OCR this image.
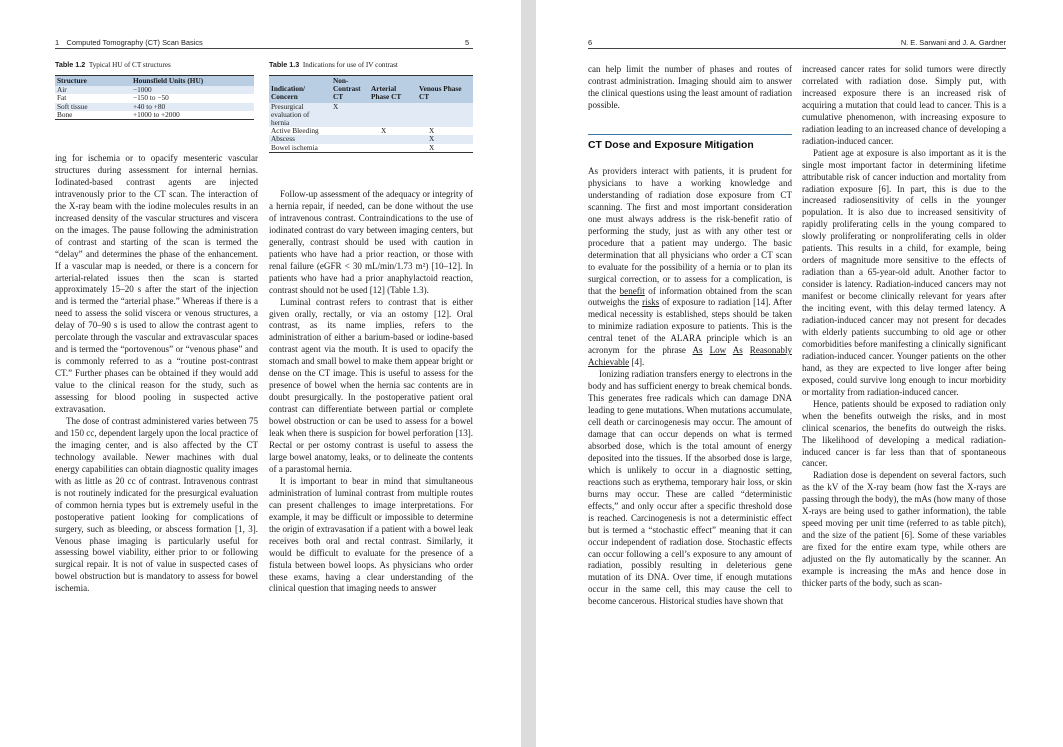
1 Computed Tomography (CT) Scan Basics	5
Table 1.2 Typical HU of CT structures
Structure	Hounsfield Units (HU)
Air	−1000
Fat	−150 to −50
Soft tissue	+40 to +80
Bone	+1000 to +2000
Table 1.3 Indications for use of IV contrast
Indication/ Concern	Non-Contrast CT	Arterial Phase CT	Venous Phase CT
Presurgical evaluation of hernia	X		
Active Bleeding		X	X
Abscess			X
Bowel ischemia			X

ing for ischemia or to opacify mesenteric vascular structures during assessment for internal hernias. Iodinated-based contrast agents are injected intravenously prior to the CT scan. The interaction of the X-ray beam with the iodine molecules results in an increased density of the vascular structures and viscera on the images. The pause following the administration of contrast and starting of the scan is termed the “delay” and determines the phase of the enhancement. If a vascular map is needed, or there is a concern for arterial-related issues then the scan is started approximately 15–20 s after the start of the injection and is termed the “arterial phase.” Whereas if there is a need to assess the solid viscera or venous structures, a delay of 70–90 s is used to allow the contrast agent to percolate through the vascular and extravascular spaces and is termed the “portovenous” or “venous phase” and is commonly referred to as a “routine post-contrast CT.” Further phases can be obtained if they would add value to the clinical reason for the study, such as assessing for blood pooling in suspected active extravasation.

The dose of contrast administered varies between 75 and 150 cc, dependent largely upon the local practice of the imaging center, and is also affected by the CT technology available. Newer machines with dual energy capabilities can obtain diagnostic quality images with as little as 20 cc of contrast. Intravenous contrast is not routinely indicated for the presurgical evaluation of common hernia types but is extremely useful in the postoperative patient looking for complications of surgery, such as bleeding, or abscess formation [1, 3]. Venous phase imaging is particularly useful for assessing bowel viability, either prior to or following surgical repair. It is not of value in suspected cases of bowel obstruction but is mandatory to assess for bowel ischemia.

Follow-up assessment of the adequacy or integrity of a hernia repair, if needed, can be done without the use of intravenous contrast. Contraindications to the use of iodinated contrast do vary between imaging centers, but generally, contrast should be used with caution in patients who have had a prior reaction, or those with renal failure (eGFR < 30 mL/min/1.73 m²) [10–12]. In patients who have had a prior anaphylactoid reaction, contrast should not be used [12] (Table 1.3).

Luminal contrast refers to contrast that is either given orally, rectally, or via an ostomy [12]. Oral contrast, as its name implies, refers to the administration of either a barium-based or iodine-based contrast agent via the mouth. It is used to opacify the stomach and small bowel to make them appear bright or dense on the CT image. This is useful to assess for the presence of bowel when the hernia sac contents are in doubt presurgically. In the postoperative patient oral contrast can differentiate between partial or complete bowel obstruction or can be used to assess for a bowel leak when there is suspicion for bowel perforation [13]. Rectal or per ostomy contrast is useful to assess the large bowel anatomy, leaks, or to delineate the contents of a parastomal hernia.

It is important to bear in mind that simultaneous administration of luminal contrast from multiple routes can present challenges to image interpretations. For example, it may be difficult or impossible to determine the origin of extravasation if a patient with a bowel leak receives both oral and rectal contrast. Similarly, it would be difficult to evaluate for the presence of a fistula between bowel loops. As physicians who order these exams, having a clear understanding of the clinical question that imaging needs to answer

6	N. E. Sarwani and J. A. Gardner

can help limit the number of phases and routes of contrast administration. Imaging should aim to answer the clinical questions using the least amount of radiation possible.

CT Dose and Exposure Mitigation

As providers interact with patients, it is prudent for physicians to have a working knowledge and understanding of radiation dose exposure from CT scanning. The first and most important consideration one must always address is the risk-benefit ratio of performing the study, just as with any other test or procedure that a patient may undergo. The basic determination that all physicians who order a CT scan to evaluate for the possibility of a hernia or to plan its surgical correction, or to assess for a complication, is that the benefit of information obtained from the scan outweighs the risks of exposure to radiation [14]. After medical necessity is established, steps should be taken to minimize radiation exposure to patients. This is the central tenet of the ALARA principle which is an acronym for the phrase As Low As Reasonably Achievable [4].

Ionizing radiation transfers energy to electrons in the body and has sufficient energy to break chemical bonds. This generates free radicals which can damage DNA leading to gene mutations. When mutations accumulate, cell death or carcinogenesis may occur. The amount of damage that can occur depends on what is termed absorbed dose, which is the total amount of energy deposited into the tissues. If the absorbed dose is large, which is unlikely to occur in a diagnostic setting, reactions such as erythema, temporary hair loss, or skin burns may occur. These are called “deterministic effects,” and only occur after a specific threshold dose is reached. Carcinogenesis is not a deterministic effect but is termed a “stochastic effect” meaning that it can occur independent of radiation dose. Stochastic effects can occur following a cell’s exposure to any amount of radiation, possibly resulting in deleterious gene mutation of its DNA. Over time, if enough mutations occur in the same cell, this may cause the cell to become cancerous. Historical studies have shown that

increased cancer rates for solid tumors were directly correlated with radiation dose. Simply put, with increased exposure there is an increased risk of acquiring a mutation that could lead to cancer. This is a cumulative phenomenon, with increasing exposure to radiation leading to an increased chance of developing a radiation-induced cancer.

Patient age at exposure is also important as it is the single most important factor in determining lifetime attributable risk of cancer induction and mortality from radiation exposure [6]. In part, this is due to the increased radiosensitivity of cells in the younger population. It is also due to increased sensitivity of rapidly proliferating cells in the young compared to slowly proliferating or nonproliferating cells in older patients. This results in a child, for example, being orders of magnitude more sensitive to the effects of radiation than a 65-year-old adult. Another factor to consider is latency. Radiation-induced cancers may not manifest or become clinically relevant for years after the inciting event, with this delay termed latency. A radiation-induced cancer may not present for decades with elderly patients succumbing to old age or other comorbidities before manifesting a clinically significant radiation-induced cancer. Younger patients on the other hand, as they are expected to live longer after being exposed, could survive long enough to incur morbidity or mortality from radiation-induced cancer.

Hence, patients should be exposed to radiation only when the benefits outweigh the risks, and in most clinical scenarios, the benefits do outweigh the risks. The likelihood of developing a medical radiation-induced cancer is far less than that of spontaneous cancer.

Radiation dose is dependent on several factors, such as the kV of the X-ray beam (how fast the X-rays are passing through the body), the mAs (how many of those X-rays are being used to gather information), the table speed moving per unit time (referred to as table pitch), and the size of the patient [6]. Some of these variables are fixed for the entire exam type, while others are adjusted on the fly automatically by the scanner. An example is increasing the mAs and hence dose in thicker parts of the body, such as scan-
